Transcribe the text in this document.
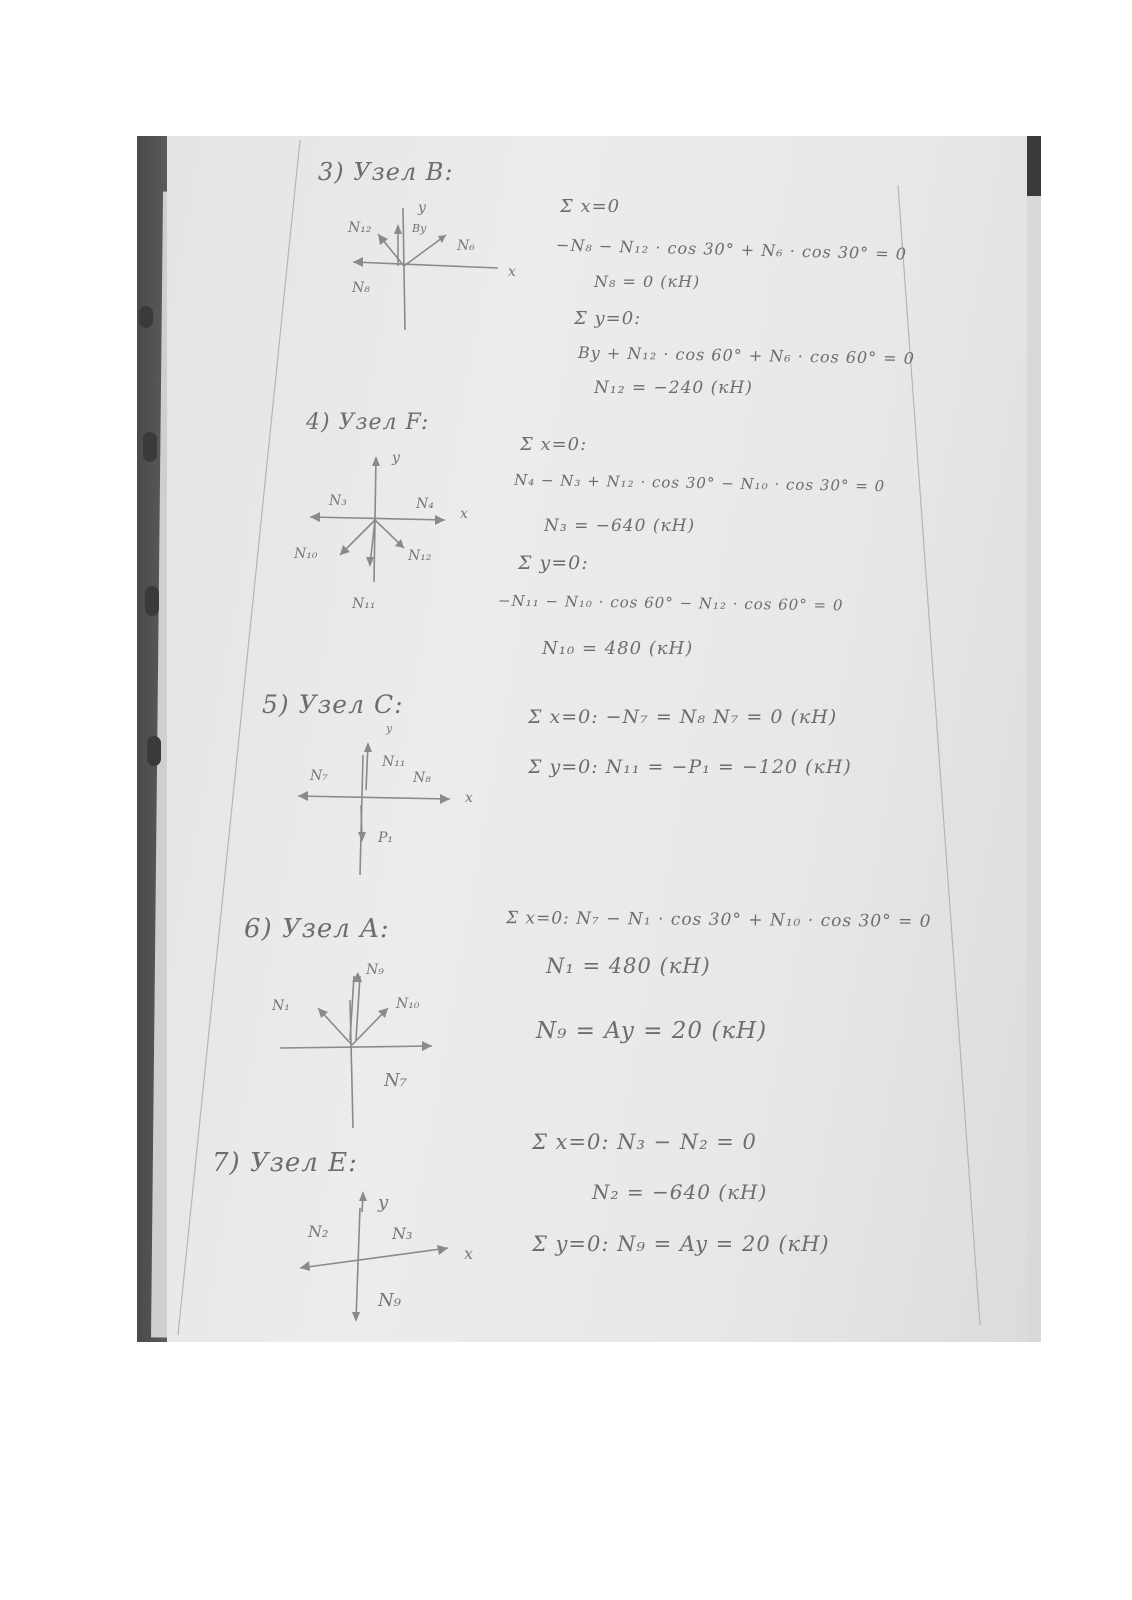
3) Узел B:
N₁₂
y
Bу
N₆
x
N₈
Σ x=0
−N₈ − N₁₂ · cos 30° + N₆ · cos 30° = 0
N₈ = 0 (кН)
Σ y=0:
By + N₁₂ · cos 60° + N₆ · cos 60° = 0
N₁₂ = −240 (кН)
4) Узел F:
y
N₃	N₄
x
N₁₀	N₁₂
N₁₁
Σ x=0:
N₄ − N₃ + N₁₂ · cos 30° − N₁₀ · cos 30° = 0
N₃ = −640 (кН)
Σ y=0:
−N₁₁ − N₁₀ · cos 60° − N₁₂ · cos 60° = 0
N₁₀ = 480 (кН)
5) Узел C:
y
N₇
N₁₁
N₈
x
P₁
Σ x=0: −N₇ = N₈ N₇ = 0 (кН)
Σ y=0: N₁₁ = −P₁ = −120 (кН)
6) Узел A:
N₉
N₁	N₁₀
N₇
Σ x=0: N₇ − N₁ · cos 30° + N₁₀ · cos 30° = 0
N₁ = 480 (кН)
N₉ = Ay = 20 (кН)
7) Узел E:
y
N₂	N₃
x
N₉
Σ x=0: N₃ − N₂ = 0
N₂ = −640 (кН)
Σ y=0: N₉ = Ay = 20 (кН)
